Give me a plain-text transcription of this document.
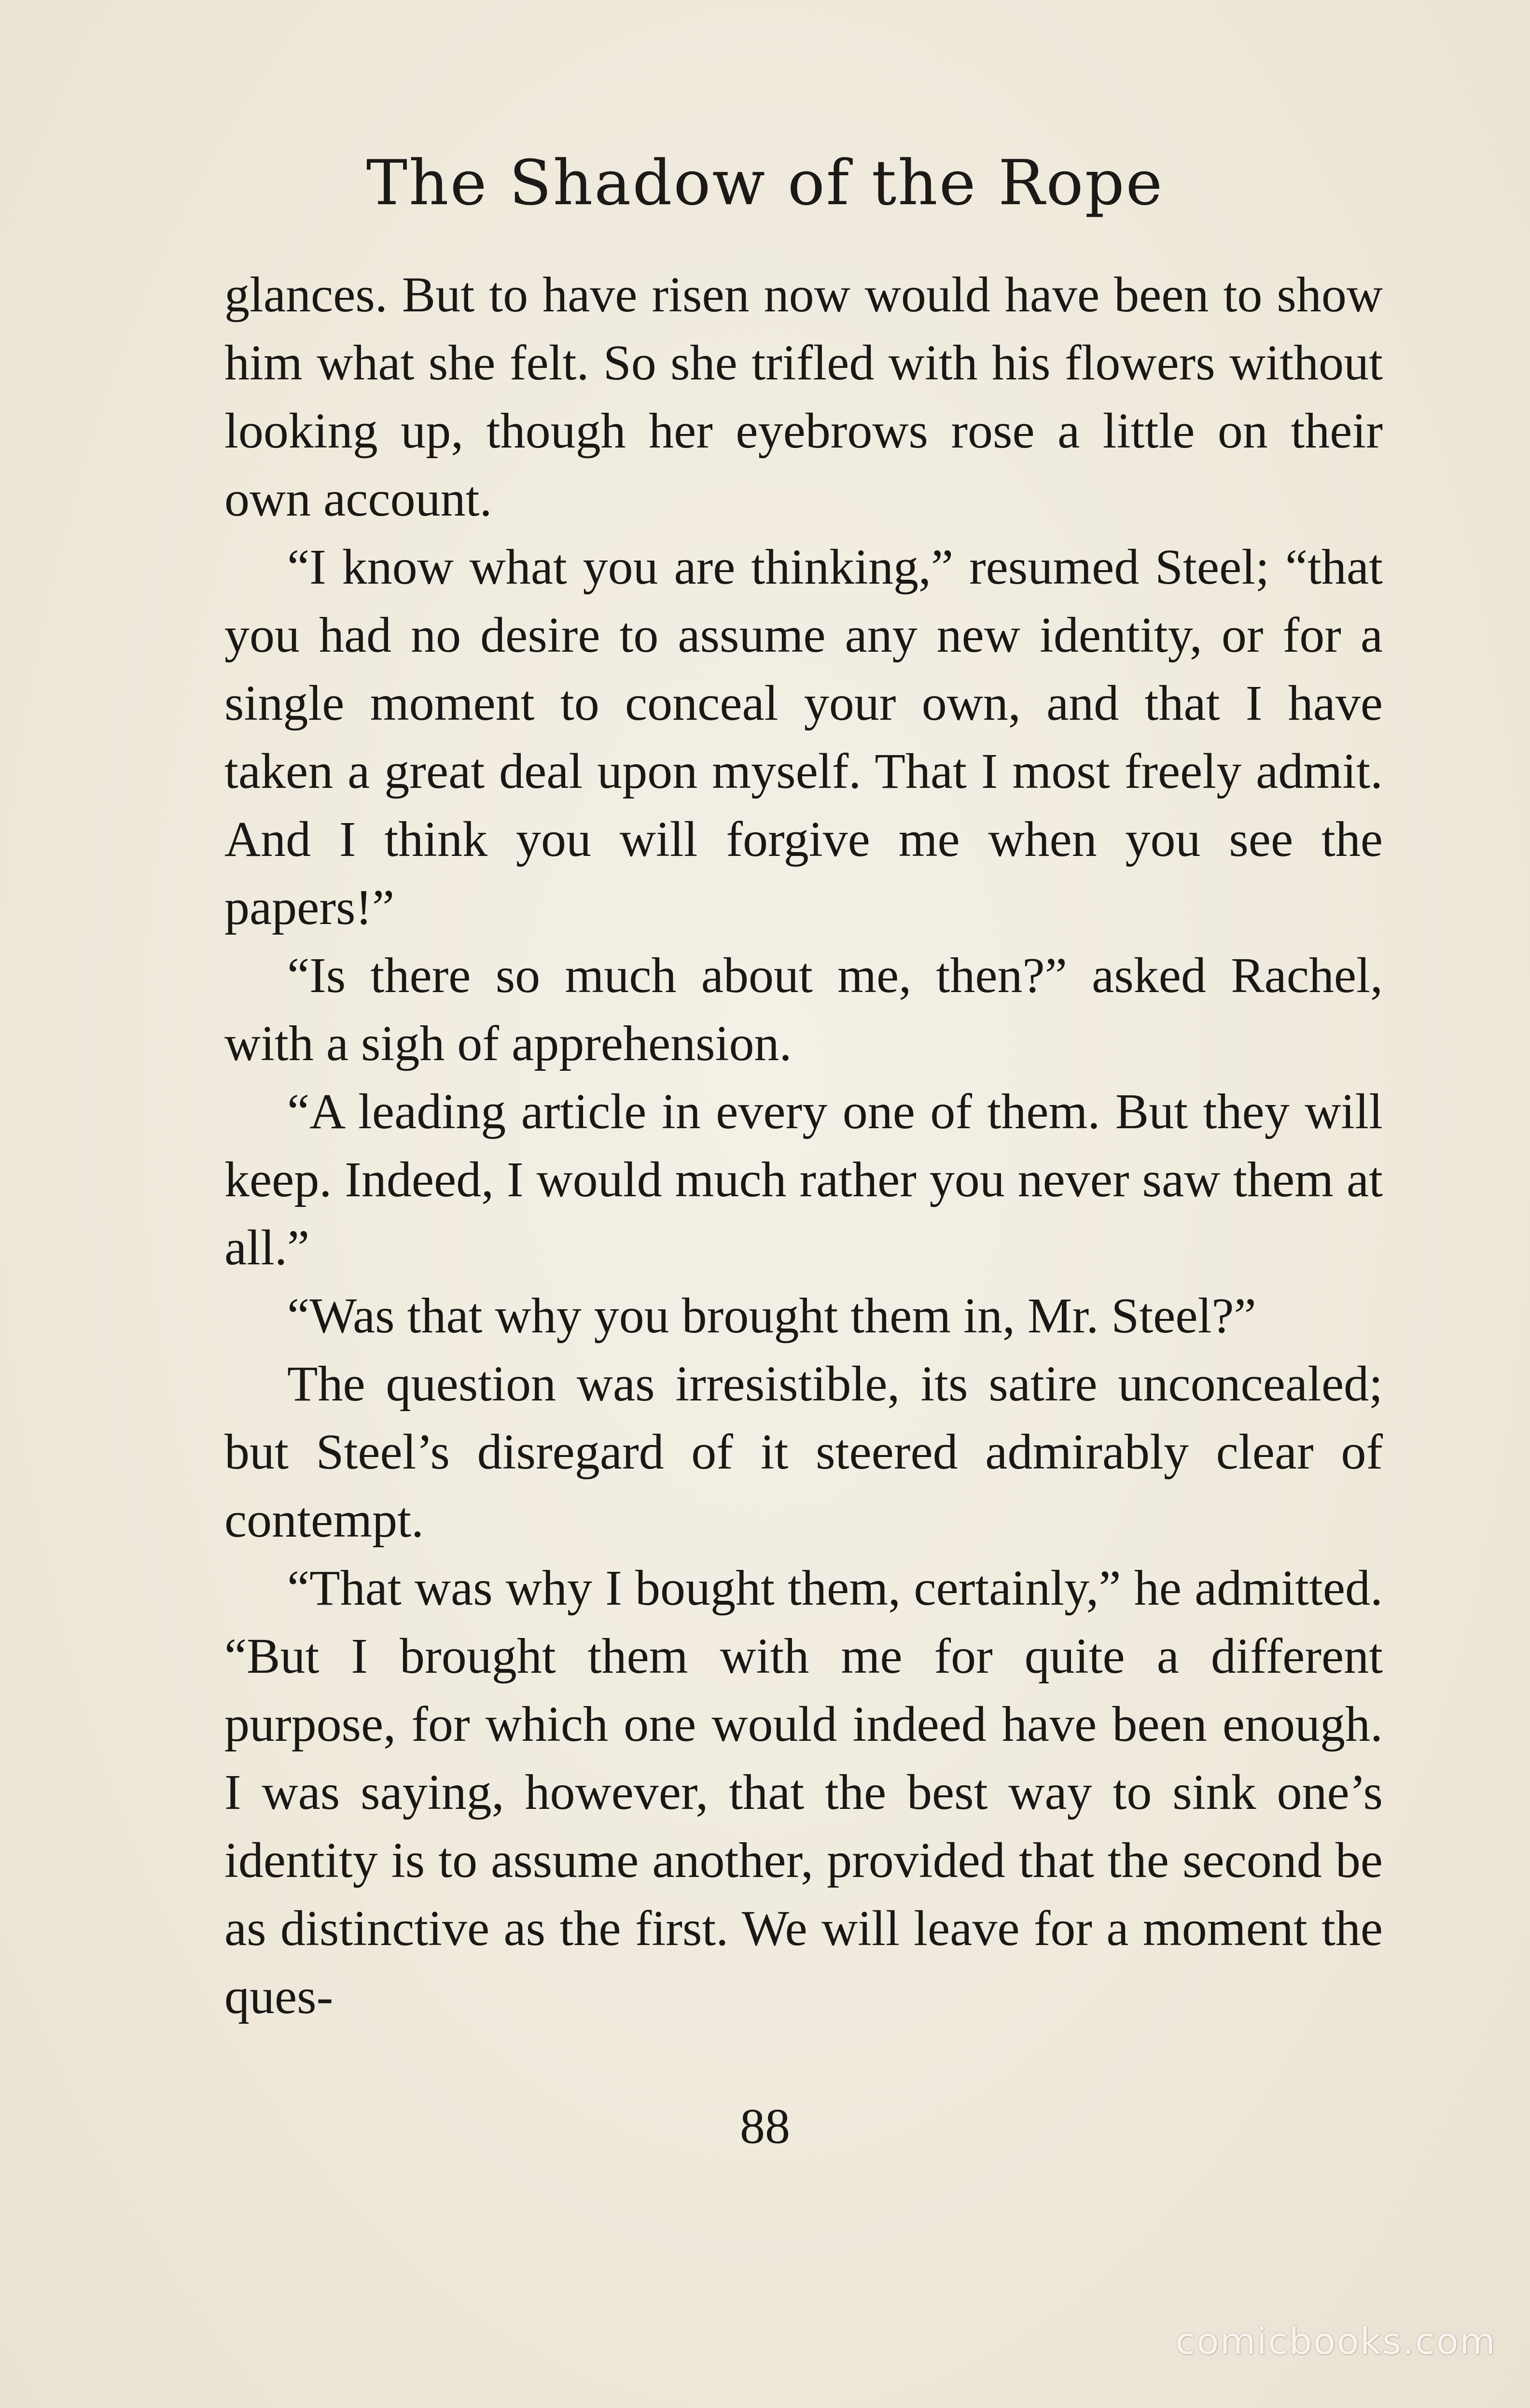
The Shadow of the Rope

glances. But to have risen now would have been to show him what she felt. So she trifled with his flowers without looking up, though her eyebrows rose a little on their own account.

“I know what you are thinking,” resumed Steel; “that you had no desire to assume any new identity, or for a single moment to conceal your own, and that I have taken a great deal upon myself. That I most freely admit. And I think you will forgive me when you see the papers!”

“Is there so much about me, then?” asked Rachel, with a sigh of apprehension.

“A leading article in every one of them. But they will keep. Indeed, I would much rather you never saw them at all.”

“Was that why you brought them in, Mr. Steel?”

The question was irresistible, its satire unconcealed; but Steel’s disregard of it steered admirably clear of contempt.

“That was why I bought them, certainly,” he admitted. “But I brought them with me for quite a different purpose, for which one would indeed have been enough. I was saying, however, that the best way to sink one’s identity is to assume another, provided that the second be as distinctive as the first. We will leave for a moment the ques-

88
comicbooks.com
